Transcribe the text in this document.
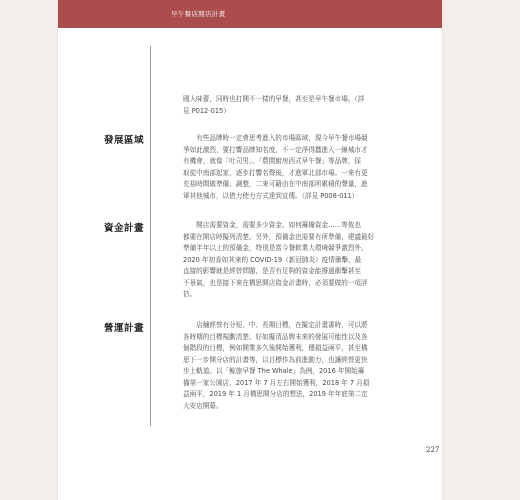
早午餐店開店計畫
國人味蕾，同時也打開不一樣的早餐，甚至是早午餐市場。（詳
見 P012-015）
發展區域	　　有些品牌時一定會思考進入的市場區域，現今早午餐市場競
爭如此激烈，要打響品牌知名度，不一定淨得蠶進入一線城市才
有機會，就像「吐司男」、「農間廚房西式早午餐」等品牌，採
取從中南部起家，逐步打響名聲後，才進軍北部市場。一來有更
充裕時間做準備、調整，二來可藉由在中南部所累積的聲量，進
軍其他城市，以借力使力方式達到宣傳。（詳見 P008-011）
資金計畫	　　開店需要資金，需要多少資金、如何籌備資金……等攸也
都要在開店時擬列清楚。另外，預備金也需要有所準備，建議最好
準備半年以上的預備金，特別是當今餐飲業大環境競爭激烈外，
2020 年初肯如其來的 COVID-19（新冠肺炎）疫情衝擊，最
直接的影響就是經營問題，是否有足夠的資金能撐過衝擊甚至
不景氣，也是接下來在構思開店資金計畫時，必須要做的一項評
估。
營運計畫	　　店舖經營有分短、中、長期目標，在擬定計畫書時，可以將
各時期的目標規劃清楚。好如擬清品牌未來的發展可能性以及各
個階段的目標，例如開業多久後開始獲利，穩損益兩平，甚至構
思下一步開分店的計畫等，以目標作為前進動力，也讓經營更快
步上軌道。以「鯨旅早餐 The Whale」為例，2016 年開始籌
備第一家公園店，2017 年 7 月左右開始獲利，2018 年 7 月損
益兩平，2019 年 1 月構思開分店的想法，2019 年年底第二定
大安店開幕。
227
